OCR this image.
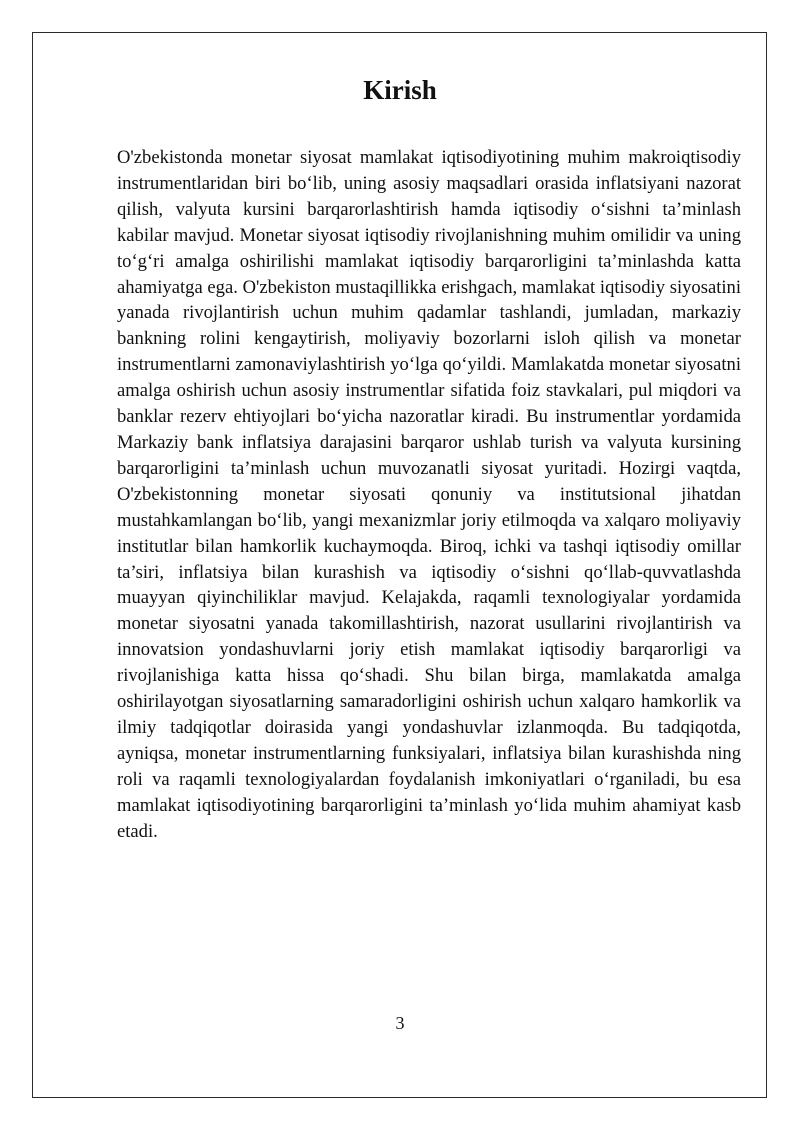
Kirish

O'zbekistonda monetar siyosat mamlakat iqtisodiyotining muhim makroiqtisodiy instrumentlaridan biri bo‘lib, uning asosiy maqsadlari orasida inflatsiyani nazorat qilish, valyuta kursini barqarorlashtirish hamda iqtisodiy o‘sishni ta’minlash kabilar mavjud. Monetar siyosat iqtisodiy rivojlanishning muhim omilidir va uning to‘g‘ri amalga oshirilishi mamlakat iqtisodiy barqarorligini ta’minlashda katta ahamiyatga ega. O'zbekiston mustaqillikka erishgach, mamlakat iqtisodiy siyosatini yanada rivojlantirish uchun muhim qadamlar tashlandi, jumladan, markaziy bankning rolini kengaytirish, moliyaviy bozorlarni isloh qilish va monetar instrumentlarni zamonaviylashtirish yo‘lga qo‘yildi. Mamlakatda monetar siyosatni amalga oshirish uchun asosiy instrumentlar sifatida foiz stavkalari, pul miqdori va banklar rezerv ehtiyojlari bo‘yicha nazoratlar kiradi. Bu instrumentlar yordamida Markaziy bank inflatsiya darajasini barqaror ushlab turish va valyuta kursining barqarorligini ta’minlash uchun muvozanatli siyosat yuritadi. Hozirgi vaqtda, O'zbekistonning monetar siyosati qonuniy va institutsional jihatdan mustahkamlangan bo‘lib, yangi mexanizmlar joriy etilmoqda va xalqaro moliyaviy institutlar bilan hamkorlik kuchaymoqda. Biroq, ichki va tashqi iqtisodiy omillar ta’siri, inflatsiya bilan kurashish va iqtisodiy o‘sishni qo‘llab-quvvatlashda muayyan qiyinchiliklar mavjud. Kelajakda, raqamli texnologiyalar yordamida monetar siyosatni yanada takomillashtirish, nazorat usullarini rivojlantirish va innovatsion yondashuvlarni joriy etish mamlakat iqtisodiy barqarorligi va rivojlanishiga katta hissa qo‘shadi. Shu bilan birga, mamlakatda amalga oshirilayotgan siyosatlarning samaradorligini oshirish uchun xalqaro hamkorlik va ilmiy tadqiqotlar doirasida yangi yondashuvlar izlanmoqda. Bu tadqiqotda, ayniqsa, monetar instrumentlarning funksiyalari, inflatsiya bilan kurashishda ning roli va raqamli texnologiyalardan foydalanish imkoniyatlari o‘rganiladi, bu esa mamlakat iqtisodiyotining barqarorligini ta’minlash yo‘lida muhim ahamiyat kasb etadi.

3
